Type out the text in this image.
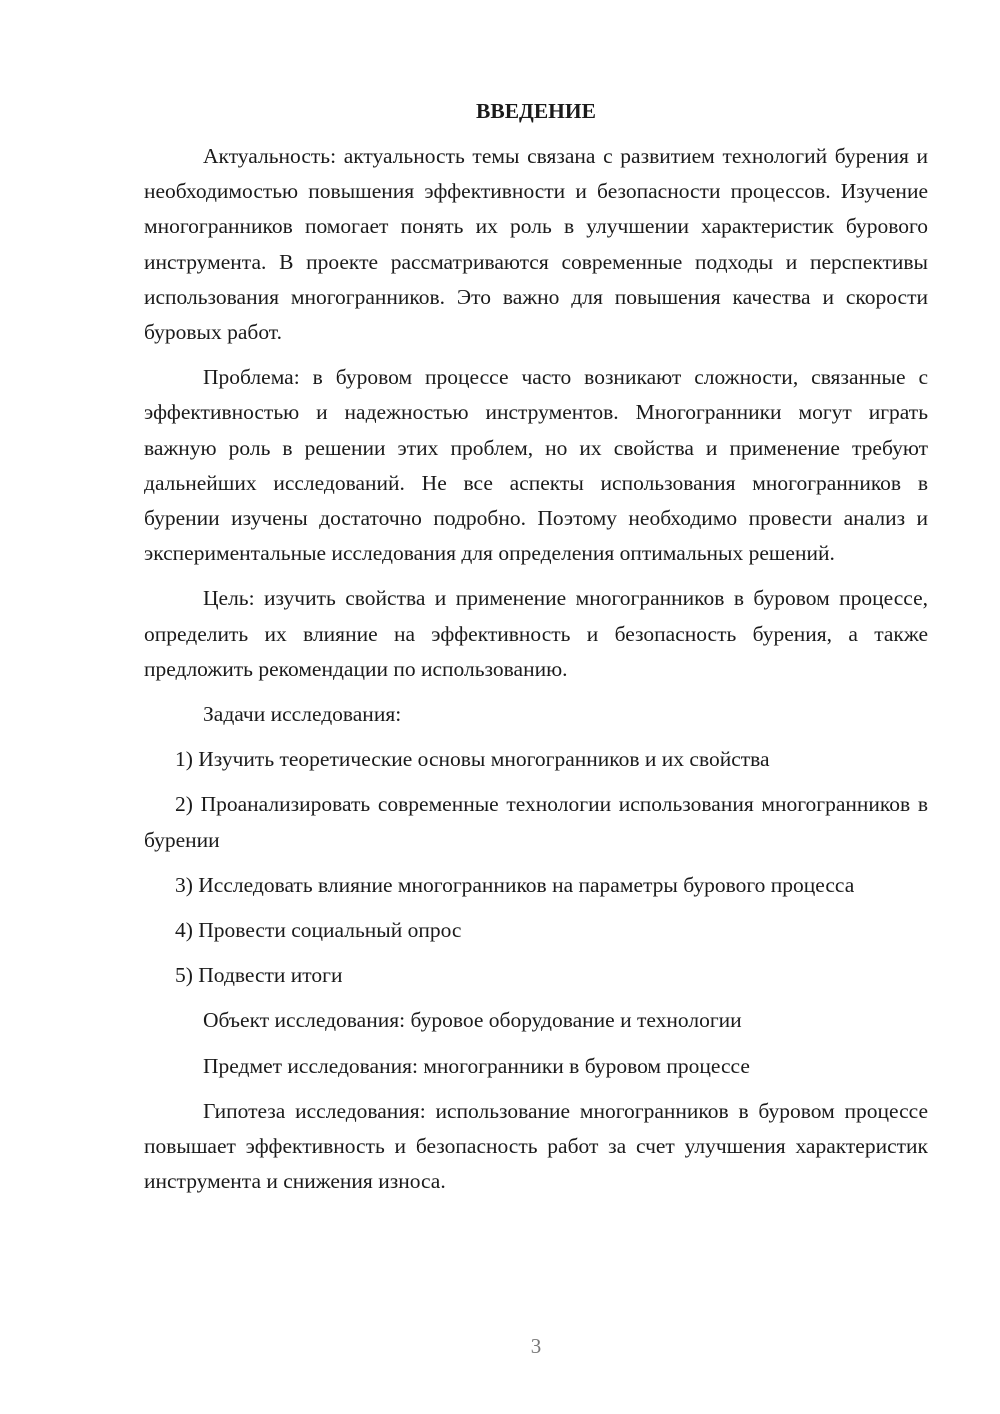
ВВЕДЕНИЕ

Актуальность: актуальность темы связана с развитием технологий бурения и необходимостью повышения эффективности и безопасности процессов. Изучение многогранников помогает понять их роль в улучшении характеристик бурового инструмента. В проекте рассматриваются современные подходы и перспективы использования многогранников. Это важно для повышения качества и скорости буровых работ.

Проблема: в буровом процессе часто возникают сложности, связанные с эффективностью и надежностью инструментов. Многогранники могут играть важную роль в решении этих проблем, но их свойства и применение требуют дальнейших исследований. Не все аспекты использования многогранников в бурении изучены достаточно подробно. Поэтому необходимо провести анализ и экспериментальные исследования для определения оптимальных решений.

Цель: изучить свойства и применение многогранников в буровом процессе, определить их влияние на эффективность и безопасность бурения, а также предложить рекомендации по использованию.

Задачи исследования:

1) Изучить теоретические основы многогранников и их свойства

2) Проанализировать современные технологии использования многогранников в бурении

3) Исследовать влияние многогранников на параметры бурового процесса

4) Провести социальный опрос

5) Подвести итоги

Объект исследования: буровое оборудование и технологии

Предмет исследования: многогранники в буровом процессе

Гипотеза исследования: использование многогранников в буровом процессе повышает эффективность и безопасность работ за счет улучшения характеристик инструмента и снижения износа.

3
